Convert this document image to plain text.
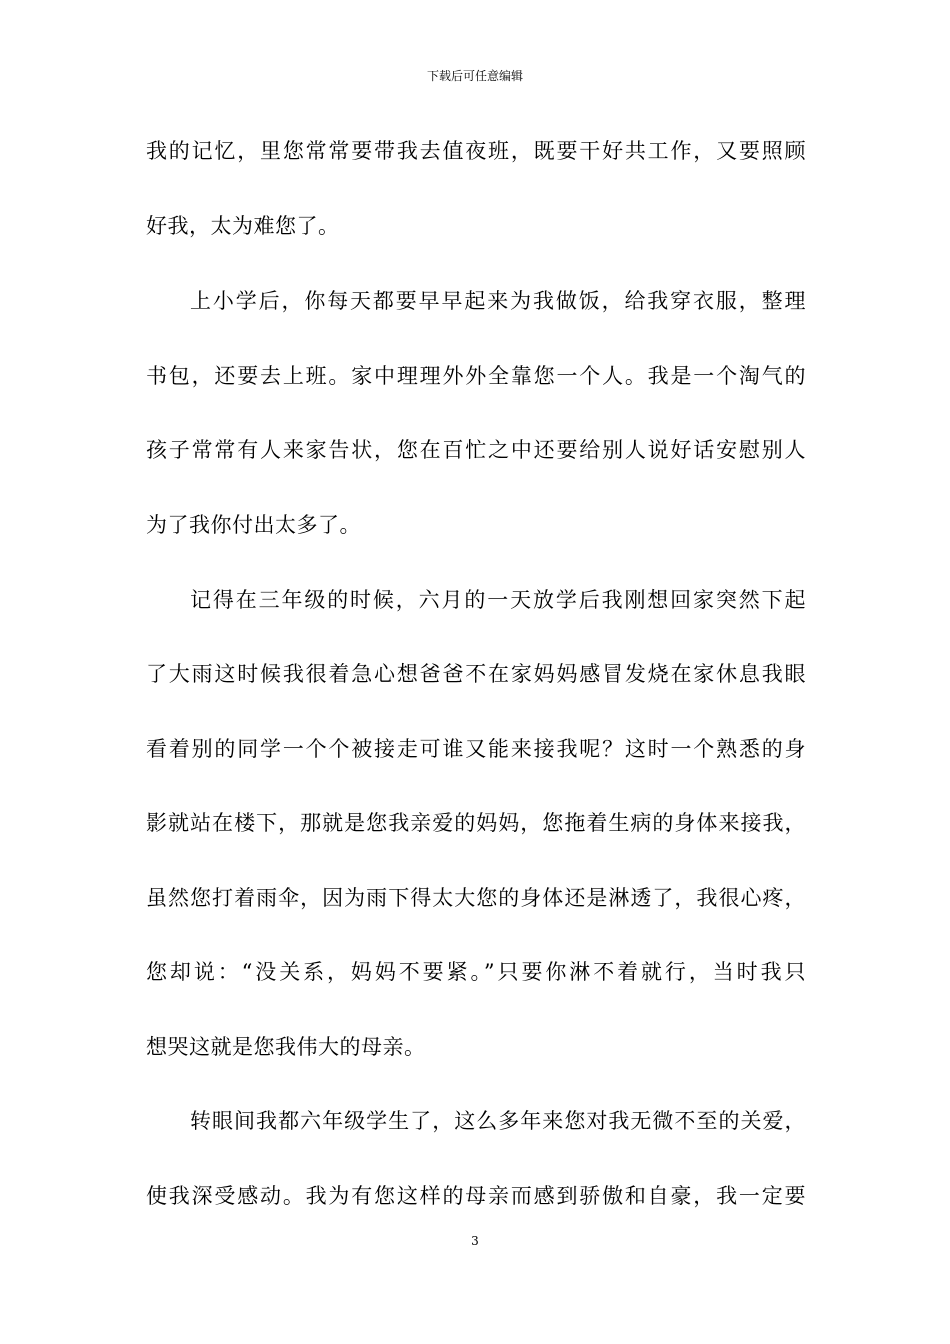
下载后可任意编辑
我的记忆，里您常常要带我去值夜班，既要干好共工作，又要照顾
好我，太为难您了。
上小学后，你每天都要早早起来为我做饭，给我穿衣服，整理
书包，还要去上班。家中理理外外全靠您一个人。我是一个淘气的
孩子常常有人来家告状，您在百忙之中还要给别人说好话安慰别人
为了我你付出太多了。
记得在三年级的时候，六月的一天放学后我刚想回家突然下起
了大雨这时候我很着急心想爸爸不在家妈妈感冒发烧在家休息我眼
看着别的同学一个个被接走可谁又能来接我呢？这时一个熟悉的身
影就站在楼下，那就是您我亲爱的妈妈，您拖着生病的身体来接我，
虽然您打着雨伞，因为雨下得太大您的身体还是淋透了，我很心疼，
您却说：“没关系，妈妈不要紧。”只要你淋不着就行，当时我只
想哭这就是您我伟大的母亲。
转眼间我都六年级学生了，这么多年来您对我无微不至的关爱，
使我深受感动。我为有您这样的母亲而感到骄傲和自豪，我一定要
3
